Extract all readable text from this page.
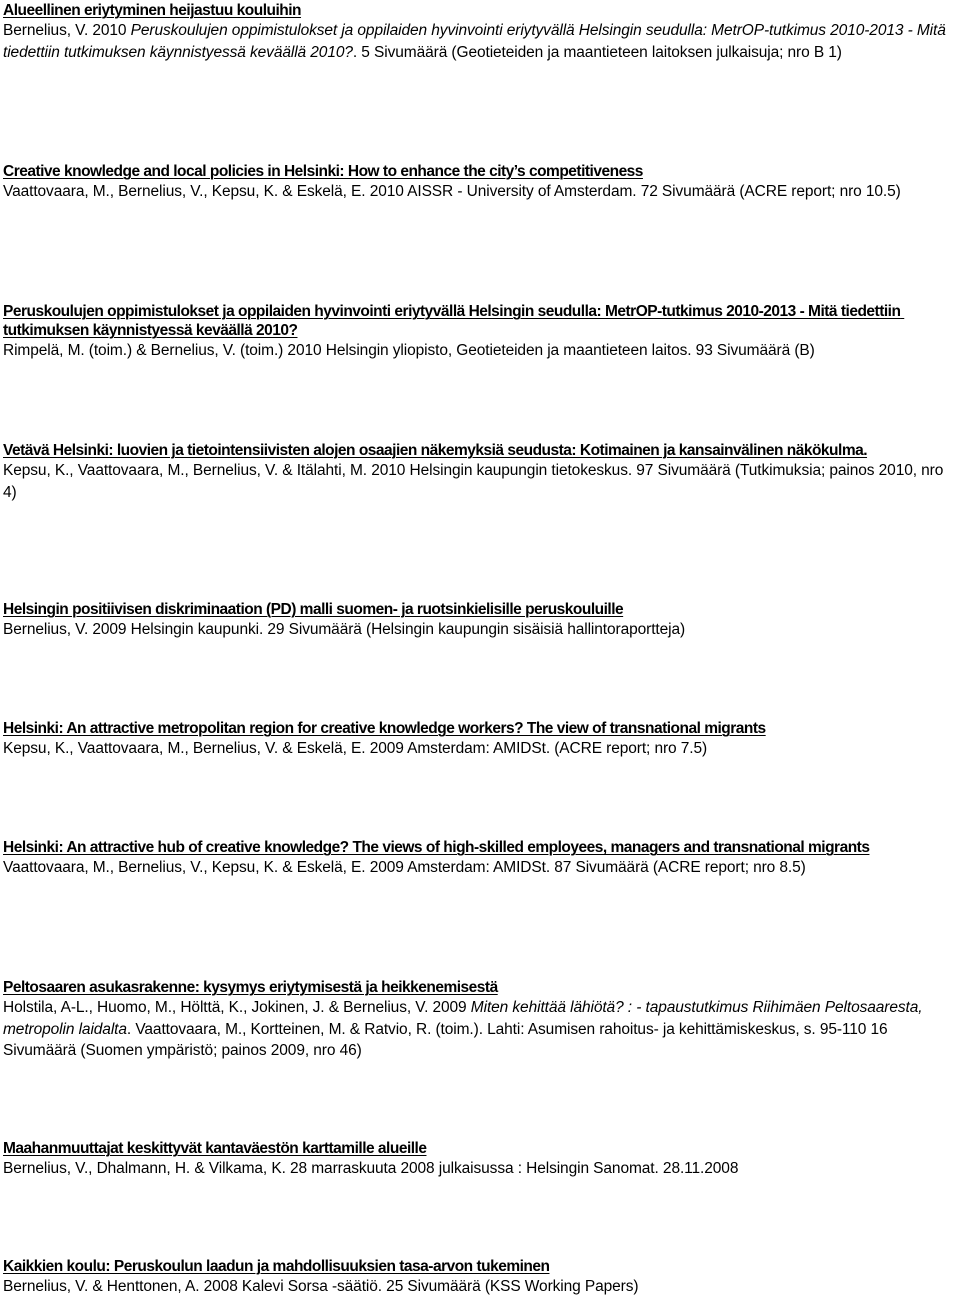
Alueellinen eriytyminen heijastuu kouluihin

Bernelius, V. 2010 Peruskoulujen oppimistulokset ja oppilaiden hyvinvointi eriytyvällä Helsingin seudulla: MetrOP-tutkimus 2010-2013 - Mitä tiedettiin tutkimuksen käynnistyessä keväällä 2010?. 5 Sivumäärä (Geotieteiden ja maantieteen laitoksen julkaisuja; nro B 1)

Creative knowledge and local policies in Helsinki: How to enhance the city’s competitiveness

Vaattovaara, M., Bernelius, V., Kepsu, K. & Eskelä, E. 2010 AISSR - University of Amsterdam. 72 Sivumäärä (ACRE report; nro 10.5)

Peruskoulujen oppimistulokset ja oppilaiden hyvinvointi eriytyvällä Helsingin seudulla: MetrOP-tutkimus 2010-2013 - Mitä tiedettiin tutkimuksen käynnistyessä keväällä 2010?

Rimpelä, M. (toim.) & Bernelius, V. (toim.) 2010 Helsingin yliopisto, Geotieteiden ja maantieteen laitos. 93 Sivumäärä (B)

Vetävä Helsinki: luovien ja tietointensiivisten alojen osaajien näkemyksiä seudusta: Kotimainen ja kansainvälinen näkökulma.

Kepsu, K., Vaattovaara, M., Bernelius, V. & Itälahti, M. 2010 Helsingin kaupungin tietokeskus. 97 Sivumäärä (Tutkimuksia; painos 2010, nro 4)

Helsingin positiivisen diskriminaation (PD) malli suomen- ja ruotsinkielisille peruskouluille

Bernelius, V. 2009 Helsingin kaupunki. 29 Sivumäärä (Helsingin kaupungin sisäisiä hallintoraportteja)

Helsinki: An attractive metropolitan region for creative knowledge workers? The view of transnational migrants

Kepsu, K., Vaattovaara, M., Bernelius, V. & Eskelä, E. 2009 Amsterdam: AMIDSt. (ACRE report; nro 7.5)

Helsinki: An attractive hub of creative knowledge? The views of high-skilled employees, managers and transnational migrants

Vaattovaara, M., Bernelius, V., Kepsu, K. & Eskelä, E. 2009 Amsterdam: AMIDSt. 87 Sivumäärä (ACRE report; nro 8.5)

Peltosaaren asukasrakenne: kysymys eriytymisestä ja heikkenemisestä

Holstila, A-L., Huomo, M., Hölttä, K., Jokinen, J. & Bernelius, V. 2009 Miten kehittää lähiötä? : - tapaustutkimus Riihimäen Peltosaaresta, metropolin laidalta. Vaattovaara, M., Kortteinen, M. & Ratvio, R. (toim.). Lahti: Asumisen rahoitus- ja kehittämiskeskus, s. 95-110 16 Sivumäärä (Suomen ympäristö; painos 2009, nro 46)

Maahanmuuttajat keskittyvät kantaväestön karttamille alueille

Bernelius, V., Dhalmann, H. & Vilkama, K. 28 marraskuuta 2008 julkaisussa : Helsingin Sanomat. 28.11.2008

Kaikkien koulu: Peruskoulun laadun ja mahdollisuuksien tasa-arvon tukeminen

Bernelius, V. & Henttonen, A. 2008 Kalevi Sorsa -säätiö. 25 Sivumäärä (KSS Working Papers)
